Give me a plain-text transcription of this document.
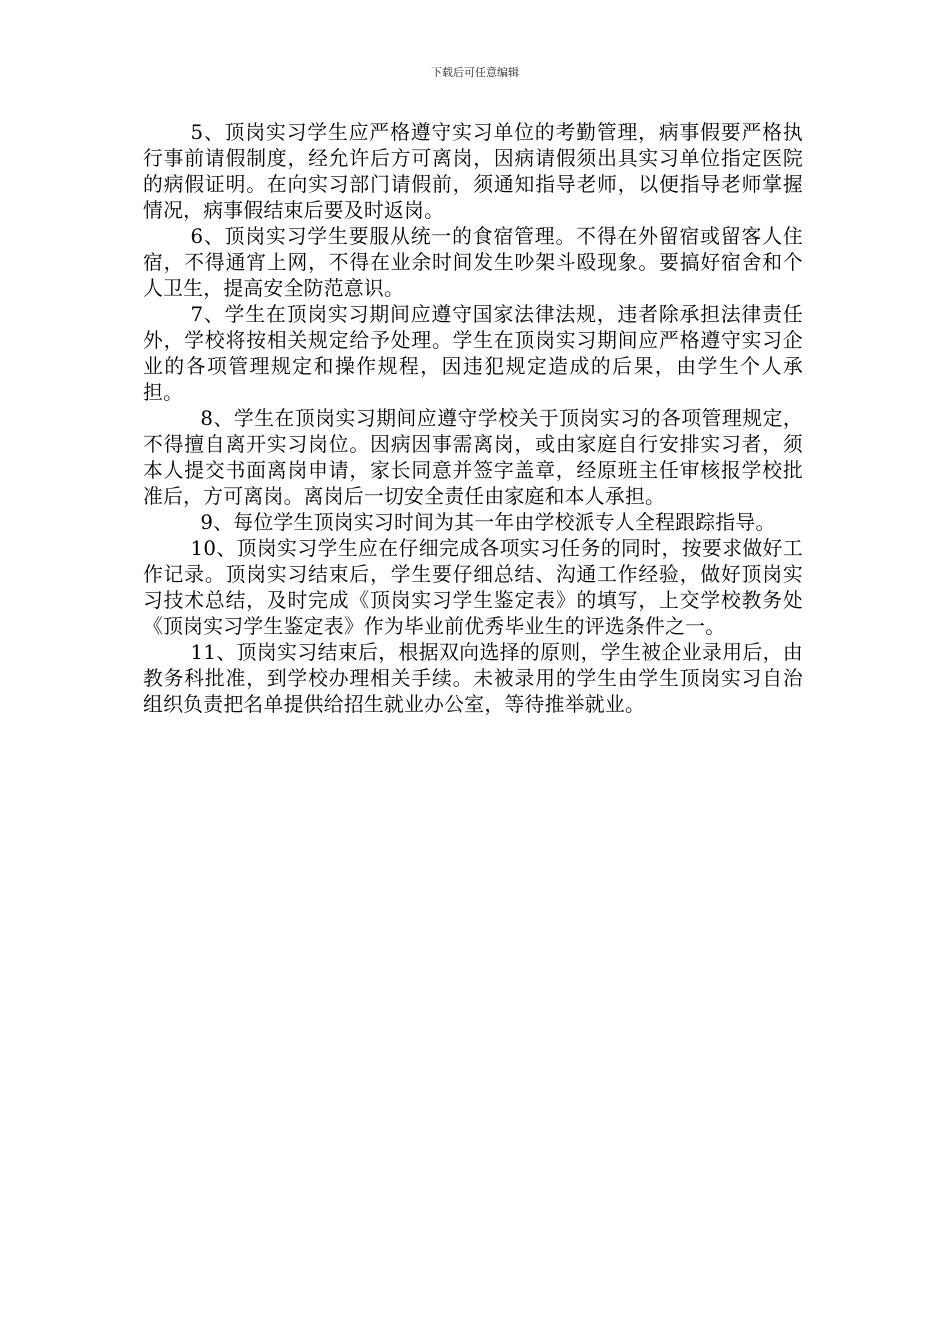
下载后可任意编辑

5、顶岗实习学生应严格遵守实习单位的考勤管理，病事假要严格执行事前请假制度，经允许后方可离岗，因病请假须出具实习单位指定医院的病假证明。在向实习部门请假前，须通知指导老师，以便指导老师掌握情况，病事假结束后要及时返岗。

6、顶岗实习学生要服从统一的食宿管理。不得在外留宿或留客人住宿，不得通宵上网，不得在业余时间发生吵架斗殴现象。要搞好宿舍和个人卫生，提高安全防范意识。

7、学生在顶岗实习期间应遵守国家法律法规，违者除承担法律责任外，学校将按相关规定给予处理。学生在顶岗实习期间应严格遵守实习企业的各项管理规定和操作规程，因违犯规定造成的后果，由学生个人承担。

8、学生在顶岗实习期间应遵守学校关于顶岗实习的各项管理规定，不得擅自离开实习岗位。因病因事需离岗，或由家庭自行安排实习者，须本人提交书面离岗申请，家长同意并签字盖章，经原班主任审核报学校批准后，方可离岗。离岗后一切安全责任由家庭和本人承担。

9、每位学生顶岗实习时间为其一年由学校派专人全程跟踪指导。

10、顶岗实习学生应在仔细完成各项实习任务的同时，按要求做好工作记录。顶岗实习结束后，学生要仔细总结、沟通工作经验，做好顶岗实习技术总结，及时完成《顶岗实习学生鉴定表》的填写，上交学校教务处《顶岗实习学生鉴定表》作为毕业前优秀毕业生的评选条件之一。

11、顶岗实习结束后，根据双向选择的原则，学生被企业录用后，由教务科批准，到学校办理相关手续。未被录用的学生由学生顶岗实习自治组织负责把名单提供给招生就业办公室，等待推举就业。
